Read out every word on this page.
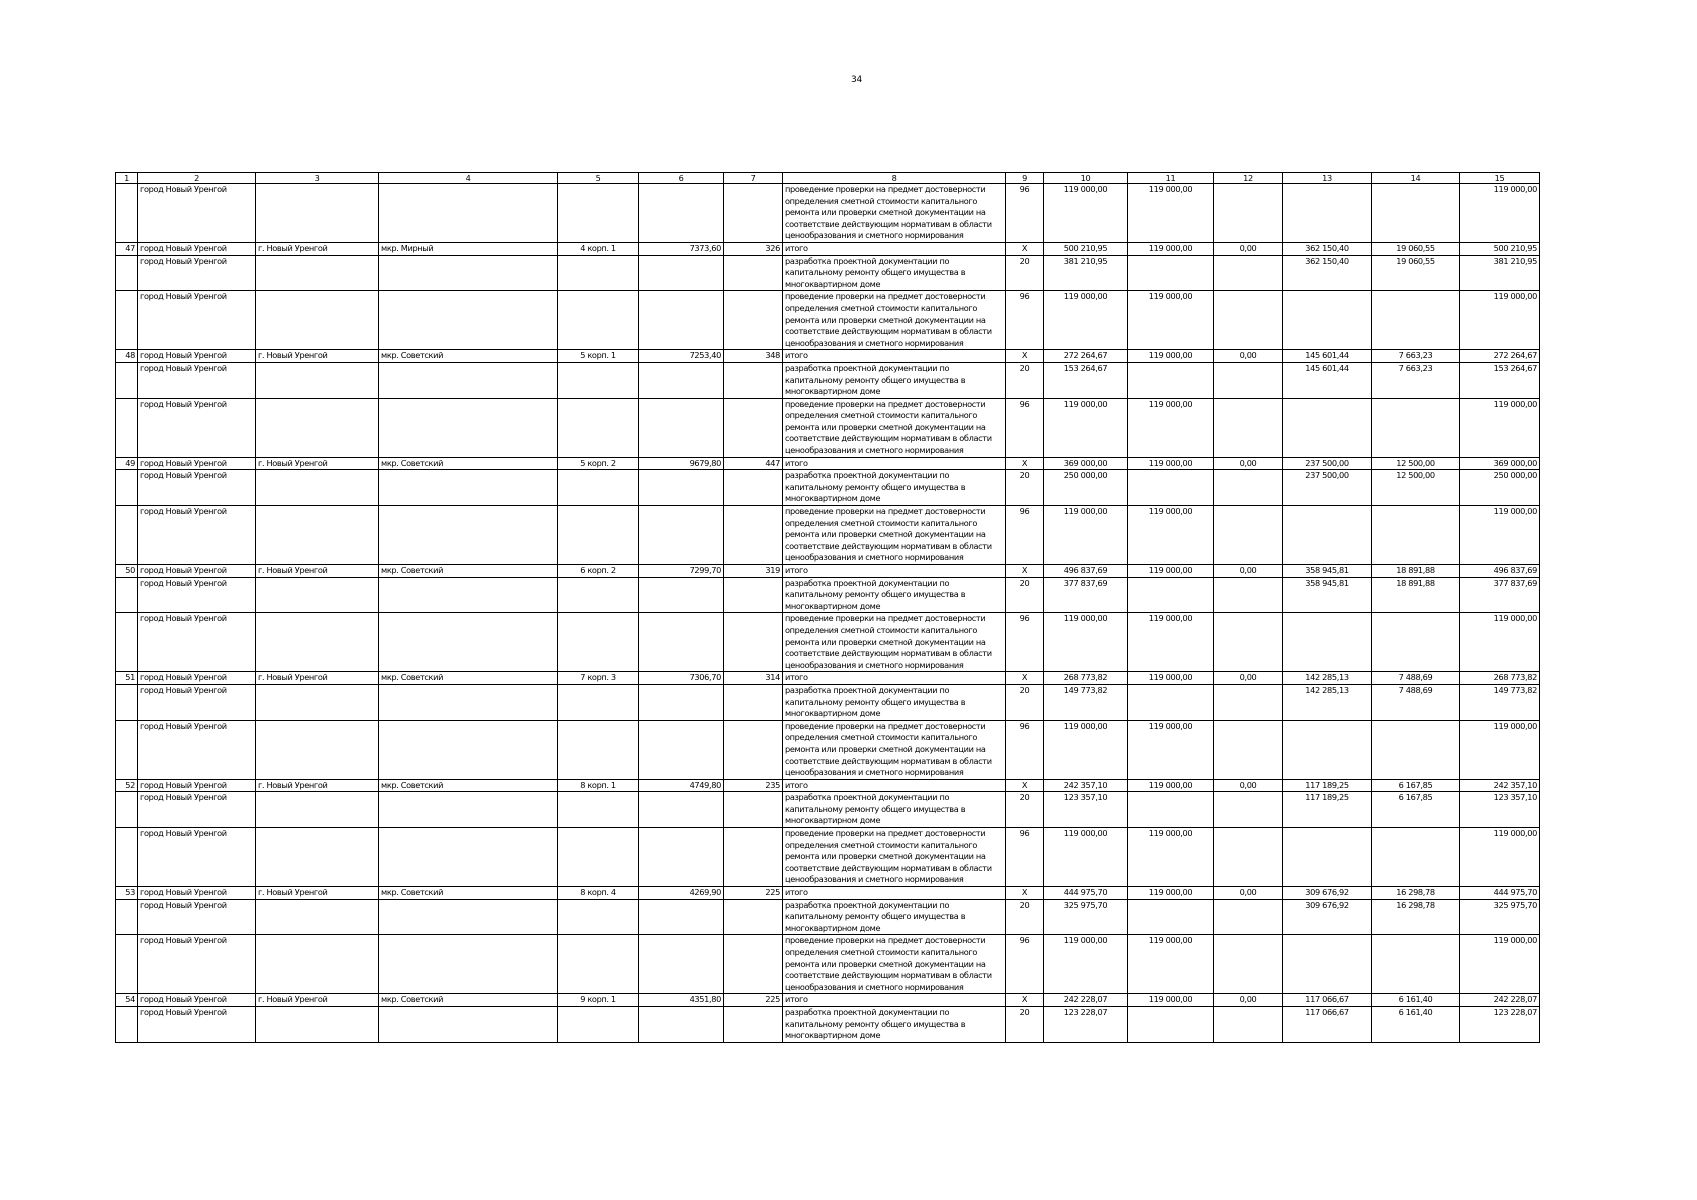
34
1	2	3	4	5	6	7	8	9	10	11	12	13	14	15
	город Новый Уренгой						проведение проверки на предмет достоверности определения сметной стоимости капитального ремонта или проверки сметной документации на соответствие действующим нормативам в области ценообразования и сметного нормирования	96	119 000,00	119 000,00				119 000,00
47	город Новый Уренгой	г. Новый Уренгой	мкр. Мирный	4 корп. 1	7373,60	326	итого	X	500 210,95	119 000,00	0,00	362 150,40	19 060,55	500 210,95
	город Новый Уренгой						разработка проектной документации по капитальному ремонту общего имущества в многоквартирном доме	20	381 210,95			362 150,40	19 060,55	381 210,95
	город Новый Уренгой						проведение проверки на предмет достоверности определения сметной стоимости капитального ремонта или проверки сметной документации на соответствие действующим нормативам в области ценообразования и сметного нормирования	96	119 000,00	119 000,00				119 000,00
48	город Новый Уренгой	г. Новый Уренгой	мкр. Советский	5 корп. 1	7253,40	348	итого	X	272 264,67	119 000,00	0,00	145 601,44	7 663,23	272 264,67
	город Новый Уренгой						разработка проектной документации по капитальному ремонту общего имущества в многоквартирном доме	20	153 264,67			145 601,44	7 663,23	153 264,67
	город Новый Уренгой						проведение проверки на предмет достоверности определения сметной стоимости капитального ремонта или проверки сметной документации на соответствие действующим нормативам в области ценообразования и сметного нормирования	96	119 000,00	119 000,00				119 000,00
49	город Новый Уренгой	г. Новый Уренгой	мкр. Советский	5 корп. 2	9679,80	447	итого	X	369 000,00	119 000,00	0,00	237 500,00	12 500,00	369 000,00
	город Новый Уренгой						разработка проектной документации по капитальному ремонту общего имущества в многоквартирном доме	20	250 000,00			237 500,00	12 500,00	250 000,00
	город Новый Уренгой						проведение проверки на предмет достоверности определения сметной стоимости капитального ремонта или проверки сметной документации на соответствие действующим нормативам в области ценообразования и сметного нормирования	96	119 000,00	119 000,00				119 000,00
50	город Новый Уренгой	г. Новый Уренгой	мкр. Советский	6 корп. 2	7299,70	319	итого	X	496 837,69	119 000,00	0,00	358 945,81	18 891,88	496 837,69
	город Новый Уренгой						разработка проектной документации по капитальному ремонту общего имущества в многоквартирном доме	20	377 837,69			358 945,81	18 891,88	377 837,69
	город Новый Уренгой						проведение проверки на предмет достоверности определения сметной стоимости капитального ремонта или проверки сметной документации на соответствие действующим нормативам в области ценообразования и сметного нормирования	96	119 000,00	119 000,00				119 000,00
51	город Новый Уренгой	г. Новый Уренгой	мкр. Советский	7 корп. 3	7306,70	314	итого	X	268 773,82	119 000,00	0,00	142 285,13	7 488,69	268 773,82
	город Новый Уренгой						разработка проектной документации по капитальному ремонту общего имущества в многоквартирном доме	20	149 773,82			142 285,13	7 488,69	149 773,82
	город Новый Уренгой						проведение проверки на предмет достоверности определения сметной стоимости капитального ремонта или проверки сметной документации на соответствие действующим нормативам в области ценообразования и сметного нормирования	96	119 000,00	119 000,00				119 000,00
52	город Новый Уренгой	г. Новый Уренгой	мкр. Советский	8 корп. 1	4749,80	235	итого	X	242 357,10	119 000,00	0,00	117 189,25	6 167,85	242 357,10
	город Новый Уренгой						разработка проектной документации по капитальному ремонту общего имущества в многоквартирном доме	20	123 357,10			117 189,25	6 167,85	123 357,10
	город Новый Уренгой						проведение проверки на предмет достоверности определения сметной стоимости капитального ремонта или проверки сметной документации на соответствие действующим нормативам в области ценообразования и сметного нормирования	96	119 000,00	119 000,00				119 000,00
53	город Новый Уренгой	г. Новый Уренгой	мкр. Советский	8 корп. 4	4269,90	225	итого	X	444 975,70	119 000,00	0,00	309 676,92	16 298,78	444 975,70
	город Новый Уренгой						разработка проектной документации по капитальному ремонту общего имущества в многоквартирном доме	20	325 975,70			309 676,92	16 298,78	325 975,70
	город Новый Уренгой						проведение проверки на предмет достоверности определения сметной стоимости капитального ремонта или проверки сметной документации на соответствие действующим нормативам в области ценообразования и сметного нормирования	96	119 000,00	119 000,00				119 000,00
54	город Новый Уренгой	г. Новый Уренгой	мкр. Советский	9 корп. 1	4351,80	225	итого	X	242 228,07	119 000,00	0,00	117 066,67	6 161,40	242 228,07
	город Новый Уренгой						разработка проектной документации по капитальному ремонту общего имущества в многоквартирном доме	20	123 228,07			117 066,67	6 161,40	123 228,07
